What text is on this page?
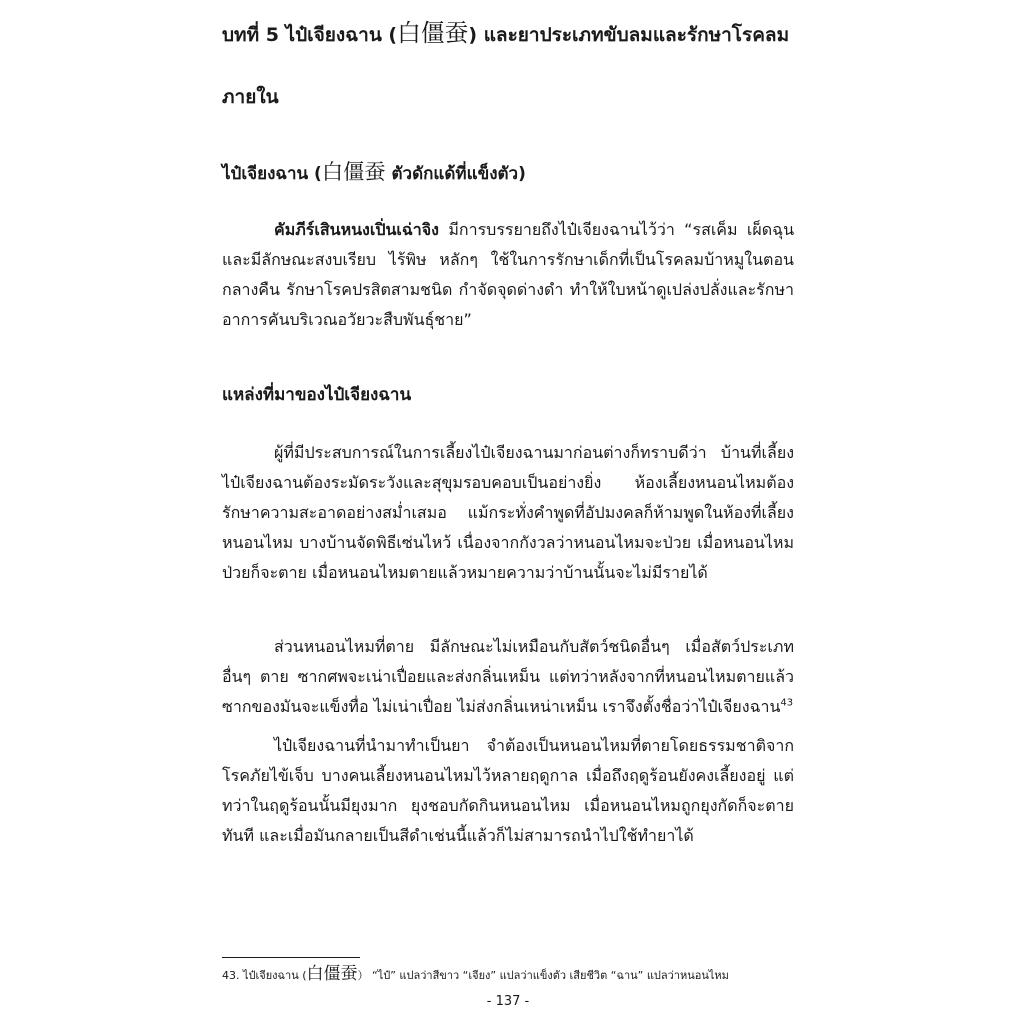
บทที่ 5 ไป๋เจียงฉาน (白僵蚕) และยาประเภทขับลมและรักษาโรคลมภายใน
ไป๋เจียงฉาน (白僵蚕 ตัวดักแด้ที่แข็งตัว)

คัมภีร์เสินหนงเปิ่นเฉ่าจิง มีการบรรยายถึงไป๋เจียงฉานไว้ว่า “รสเค็ม เผ็ดฉุนและมีลักษณะสงบเรียบ ไร้พิษ หลักๆ ใช้ในการรักษาเด็กที่เป็นโรคลมบ้าหมูในตอนกลางคืน รักษาโรคปรสิตสามชนิด กำจัดจุดด่างดำ ทำให้ใบหน้าดูเปล่งปลั่งและรักษาอาการคันบริเวณอวัยวะสืบพันธุ์ชาย”

แหล่งที่มาของไป๋เจียงฉาน

ผู้ที่มีประสบการณ์ในการเลี้ยงไป๋เจียงฉานมาก่อนต่างก็ทราบดีว่า บ้านที่เลี้ยงไป๋เจียงฉานต้องระมัดระวังและสุขุมรอบคอบเป็นอย่างยิ่ง ห้องเลี้ยงหนอนไหมต้องรักษาความสะอาดอย่างสม่ำเสมอ แม้กระทั่งคำพูดที่อัปมงคลก็ห้ามพูดในห้องที่เลี้ยงหนอนไหม บางบ้านจัดพิธีเซ่นไหว้ เนื่องจากกังวลว่าหนอนไหมจะป่วย เมื่อหนอนไหมป่วยก็จะตาย เมื่อหนอนไหมตายแล้วหมายความว่าบ้านนั้นจะไม่มีรายได้

ส่วนหนอนไหมที่ตาย มีลักษณะไม่เหมือนกับสัตว์ชนิดอื่นๆ เมื่อสัตว์ประเภทอื่นๆ ตาย ซากศพจะเน่าเปื่อยและส่งกลิ่นเหม็น แต่ทว่าหลังจากที่หนอนไหมตายแล้ว ซากของมันจะแข็งทื่อ ไม่เน่าเปื่อย ไม่ส่งกลิ่นเหน่าเหม็น เราจึงตั้งชื่อว่าไป๋เจียงฉาน$^{43}$

ไป๋เจียงฉานที่นำมาทำเป็นยา จำต้องเป็นหนอนไหมที่ตายโดยธรรมชาติจากโรคภัยไข้เจ็บ บางคนเลี้ยงหนอนไหมไว้หลายฤดูกาล เมื่อถึงฤดูร้อนยังคงเลี้ยงอยู่ แต่ทว่าในฤดูร้อนนั้นมียุงมาก ยุงชอบกัดกินหนอนไหม เมื่อหนอนไหมถูกยุงกัดก็จะตายทันที และเมื่อมันกลายเป็นสีดำเช่นนี้แล้วก็ไม่สามารถนำไปใช้ทำยาได้

43. ไป๋เจียงฉาน (白僵蚕） “ไป๋” แปลว่าสีขาว “เจียง” แปลว่าแข็งตัว เสียชีวิต “ฉาน” แปลว่าหนอนไหม

- 137 -
